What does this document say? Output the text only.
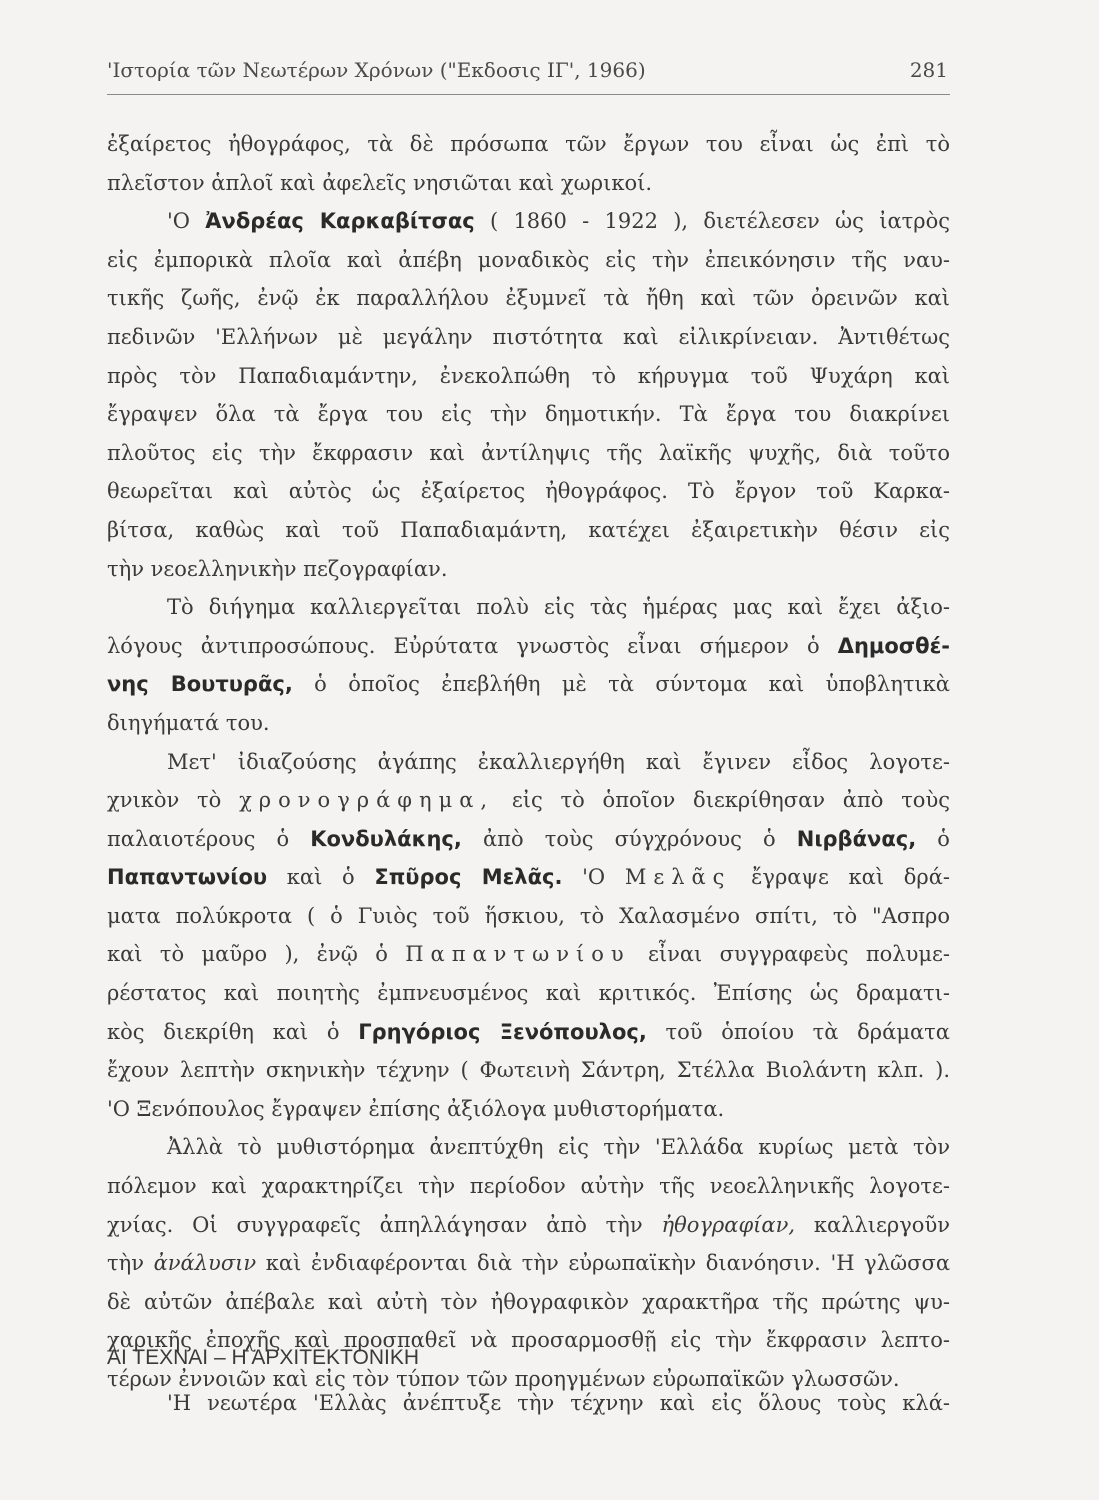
'Ιστορία τῶν Νεωτέρων Χρόνων ("Εκδοσις ΙΓ', 1966)	281
ἐξαίρετος ἠθογράφος, τὰ δὲ πρόσωπα τῶν ἔργων του εἶναι ὡς ἐπὶ τὸ
πλεῖστον ἁπλοῖ καὶ ἀφελεῖς νησιῶται καὶ χωρικοί.
'Ο Ἀνδρέας Καρκαβίτσας ( 1860 - 1922 ), διετέλεσεν ὡς ἰατρὸς
εἰς ἐμπορικὰ πλοῖα καὶ ἀπέβη μοναδικὸς εἰς τὴν ἐπεικόνησιν τῆς ναυ-
τικῆς ζωῆς, ἐνῷ ἐκ παραλλήλου ἐξυμνεῖ τὰ ἤθη καὶ τῶν ὀρεινῶν καὶ
πεδινῶν 'Ελλήνων μὲ μεγάλην πιστότητα καὶ εἰλικρίνειαν. Ἀντιθέτως
πρὸς τὸν Παπαδιαμάντην, ἐνεκολπώθη τὸ κήρυγμα τοῦ Ψυχάρη καὶ
ἔγραψεν ὅλα τὰ ἔργα του εἰς τὴν δημοτικήν. Τὰ ἔργα του διακρίνει
πλοῦτος εἰς τὴν ἔκφρασιν καὶ ἀντίληψις τῆς λαϊκῆς ψυχῆς, διὰ τοῦτο
θεωρεῖται καὶ αὐτὸς ὡς ἐξαίρετος ἠθογράφος. Τὸ ἔργον τοῦ Καρκα-
βίτσα, καθὼς καὶ τοῦ Παπαδιαμάντη, κατέχει ἐξαιρετικὴν θέσιν εἰς
τὴν νεοελληνικὴν πεζογραφίαν.
Τὸ διήγημα καλλιεργεῖται πολὺ εἰς τὰς ἡμέρας μας καὶ ἔχει ἀξιο-
λόγους ἀντιπροσώπους. Εὐρύτατα γνωστὸς εἶναι σήμερον ὁ Δημοσθέ-
νης Βουτυρᾶς, ὁ ὁποῖος ἐπεβλήθη μὲ τὰ σύντομα καὶ ὑποβλητικὰ
διηγήματά του.
Μετ' ἰδιαζούσης ἀγάπης ἐκαλλιεργήθη καὶ ἔγινεν εἶδος λογοτε-
χνικὸν τὸ χρονογράφημα, εἰς τὸ ὁποῖον διεκρίθησαν ἀπὸ τοὺς
παλαιοτέρους ὁ Κονδυλάκης, ἀπὸ τοὺς σύγχρόνους ὁ Νιρβάνας, ὁ
Παπαντωνίου καὶ ὁ Σπῦρος Μελᾶς. 'Ο Μελᾶς ἔγραψε καὶ δρά-
ματα πολύκροτα ( ὁ Γυιὸς τοῦ ἥσκιου, τὸ Χαλασμένο σπίτι, τὸ "Ασπρο
καὶ τὸ μαῦρο ), ἐνῷ ὁ Παπαντωνίου εἶναι συγγραφεὺς πολυμε-
ρέστατος καὶ ποιητὴς ἐμπνευσμένος καὶ κριτικός. Ἐπίσης ὡς δραματι-
κὸς διεκρίθη καὶ ὁ Γρηγόριος Ξενόπουλος, τοῦ ὁποίου τὰ δράματα
ἔχουν λεπτὴν σκηνικὴν τέχνην ( Φωτεινὴ Σάντρη, Στέλλα Βιολάντη κλπ. ).
'Ο Ξενόπουλος ἔγραψεν ἐπίσης ἀξιόλογα μυθιστορήματα.
Ἀλλὰ τὸ μυθιστόρημα ἀνεπτύχθη εἰς τὴν 'Ελλάδα κυρίως μετὰ τὸν
πόλεμον καὶ χαρακτηρίζει τὴν περίοδον αὐτὴν τῆς νεοελληνικῆς λογοτε-
χνίας. Οἱ συγγραφεῖς ἀπηλλάγησαν ἀπὸ τὴν ἠθογραφίαν, καλλιεργοῦν
τὴν ἀνάλυσιν καὶ ἐνδιαφέρονται διὰ τὴν εὐρωπαϊκὴν διανόησιν. 'Η γλῶσσα
δὲ αὐτῶν ἀπέβαλε καὶ αὐτὴ τὸν ἠθογραφικὸν χαρακτῆρα τῆς πρώτης ψυ-
χαρικῆς ἐποχῆς καὶ προσπαθεῖ νὰ προσαρμοσθῇ εἰς τὴν ἔκφρασιν λεπτο-
τέρων ἐννοιῶν καὶ εἰς τὸν τύπον τῶν προηγμένων εὐρωπαϊκῶν γλωσσῶν.
ΑΙ ΤΕΧΝΑΙ – Η ΑΡΧΙΤΕΚΤΟΝΙΚΗ
'Η νεωτέρα 'Ελλὰς ἀνέπτυξε τὴν τέχνην καὶ εἰς ὅλους τοὺς κλά-
